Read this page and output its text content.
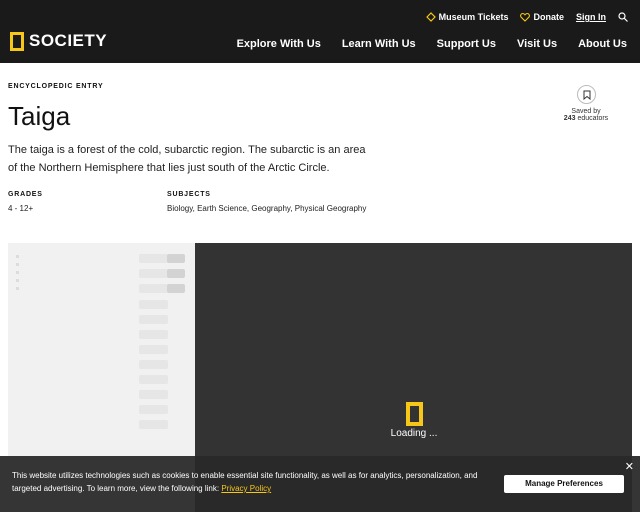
Museum Tickets	Donate Sign In
SOCIETY	Explore With Us Learn With Us Support Us Visit Us About Us
ENCYCLOPEDIC ENTRY
Taiga

The taiga is a forest of the cold, subarctic region. The subarctic is an area of the Northern Hemisphere that lies just south of the Arctic Circle.

GRADES
4 - 12+
SUBJECTS
Biology, Earth Science, Geography, Physical Geography
Saved by
243 educators
Loading ...
This website utilizes technologies such as cookies to enable essential site functionality, as well as for analytics, personalization, and targeted advertising. To learn more, view the following link: Privacy Policy
Manage Preferences
✕
